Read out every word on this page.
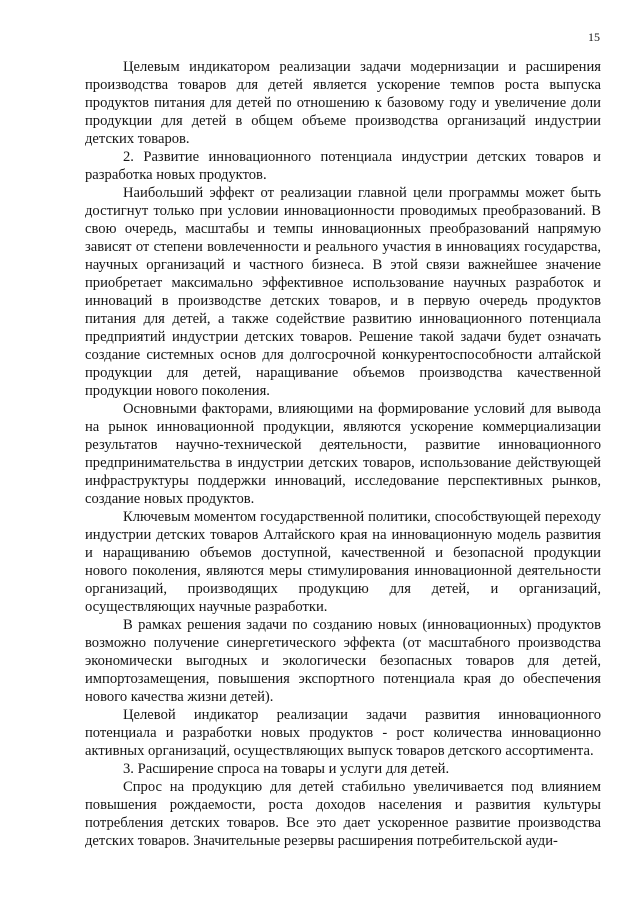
15

Целевым индикатором реализации задачи модернизации и расширения производства товаров для детей является ускорение темпов роста выпуска продуктов питания для детей по отношению к базовому году и увеличение доли продукции для детей в общем объеме производства организаций индустрии детских товаров.

2. Развитие инновационного потенциала индустрии детских товаров и разработка новых продуктов.

Наибольший эффект от реализации главной цели программы может быть достигнут только при условии инновационности проводимых преобразований. В свою очередь, масштабы и темпы инновационных преобразований напрямую зависят от степени вовлеченности и реального участия в инновациях государства, научных организаций и частного бизнеса. В этой связи важнейшее значение приобретает максимально эффективное использование научных разработок и инноваций в производстве детских товаров, и в первую очередь продуктов питания для детей, а также содействие развитию инновационного потенциала предприятий индустрии детских товаров. Решение такой задачи будет означать создание системных основ для долгосрочной конкурентоспособности алтайской продукции для детей, наращивание объемов производства качественной продукции нового поколения.

Основными факторами, влияющими на формирование условий для вывода на рынок инновационной продукции, являются ускорение коммерциализации результатов научно-технической деятельности, развитие инновационного предпринимательства в индустрии детских товаров, использование действующей инфраструктуры поддержки инноваций, исследование перспективных рынков, создание новых продуктов.

Ключевым моментом государственной политики, способствующей переходу индустрии детских товаров Алтайского края на инновационную модель развития и наращиванию объемов доступной, качественной и безопасной продукции нового поколения, являются меры стимулирования инновационной деятельности организаций, производящих продукцию для детей, и организаций, осуществляющих научные разработки.

В рамках решения задачи по созданию новых (инновационных) продуктов возможно получение синергетического эффекта (от масштабного производства экономически выгодных и экологически безопасных товаров для детей, импортозамещения, повышения экспортного потенциала края до обеспечения нового качества жизни детей).

Целевой индикатор реализации задачи развития инновационного потенциала и разработки новых продуктов - рост количества инновационно активных организаций, осуществляющих выпуск товаров детского ассортимента.

3. Расширение спроса на товары и услуги для детей.

Спрос на продукцию для детей стабильно увеличивается под влиянием повышения рождаемости, роста доходов населения и развития культуры потребления детских товаров. Все это дает ускоренное развитие производства детских товаров. Значительные резервы расширения потребительской ауди-
